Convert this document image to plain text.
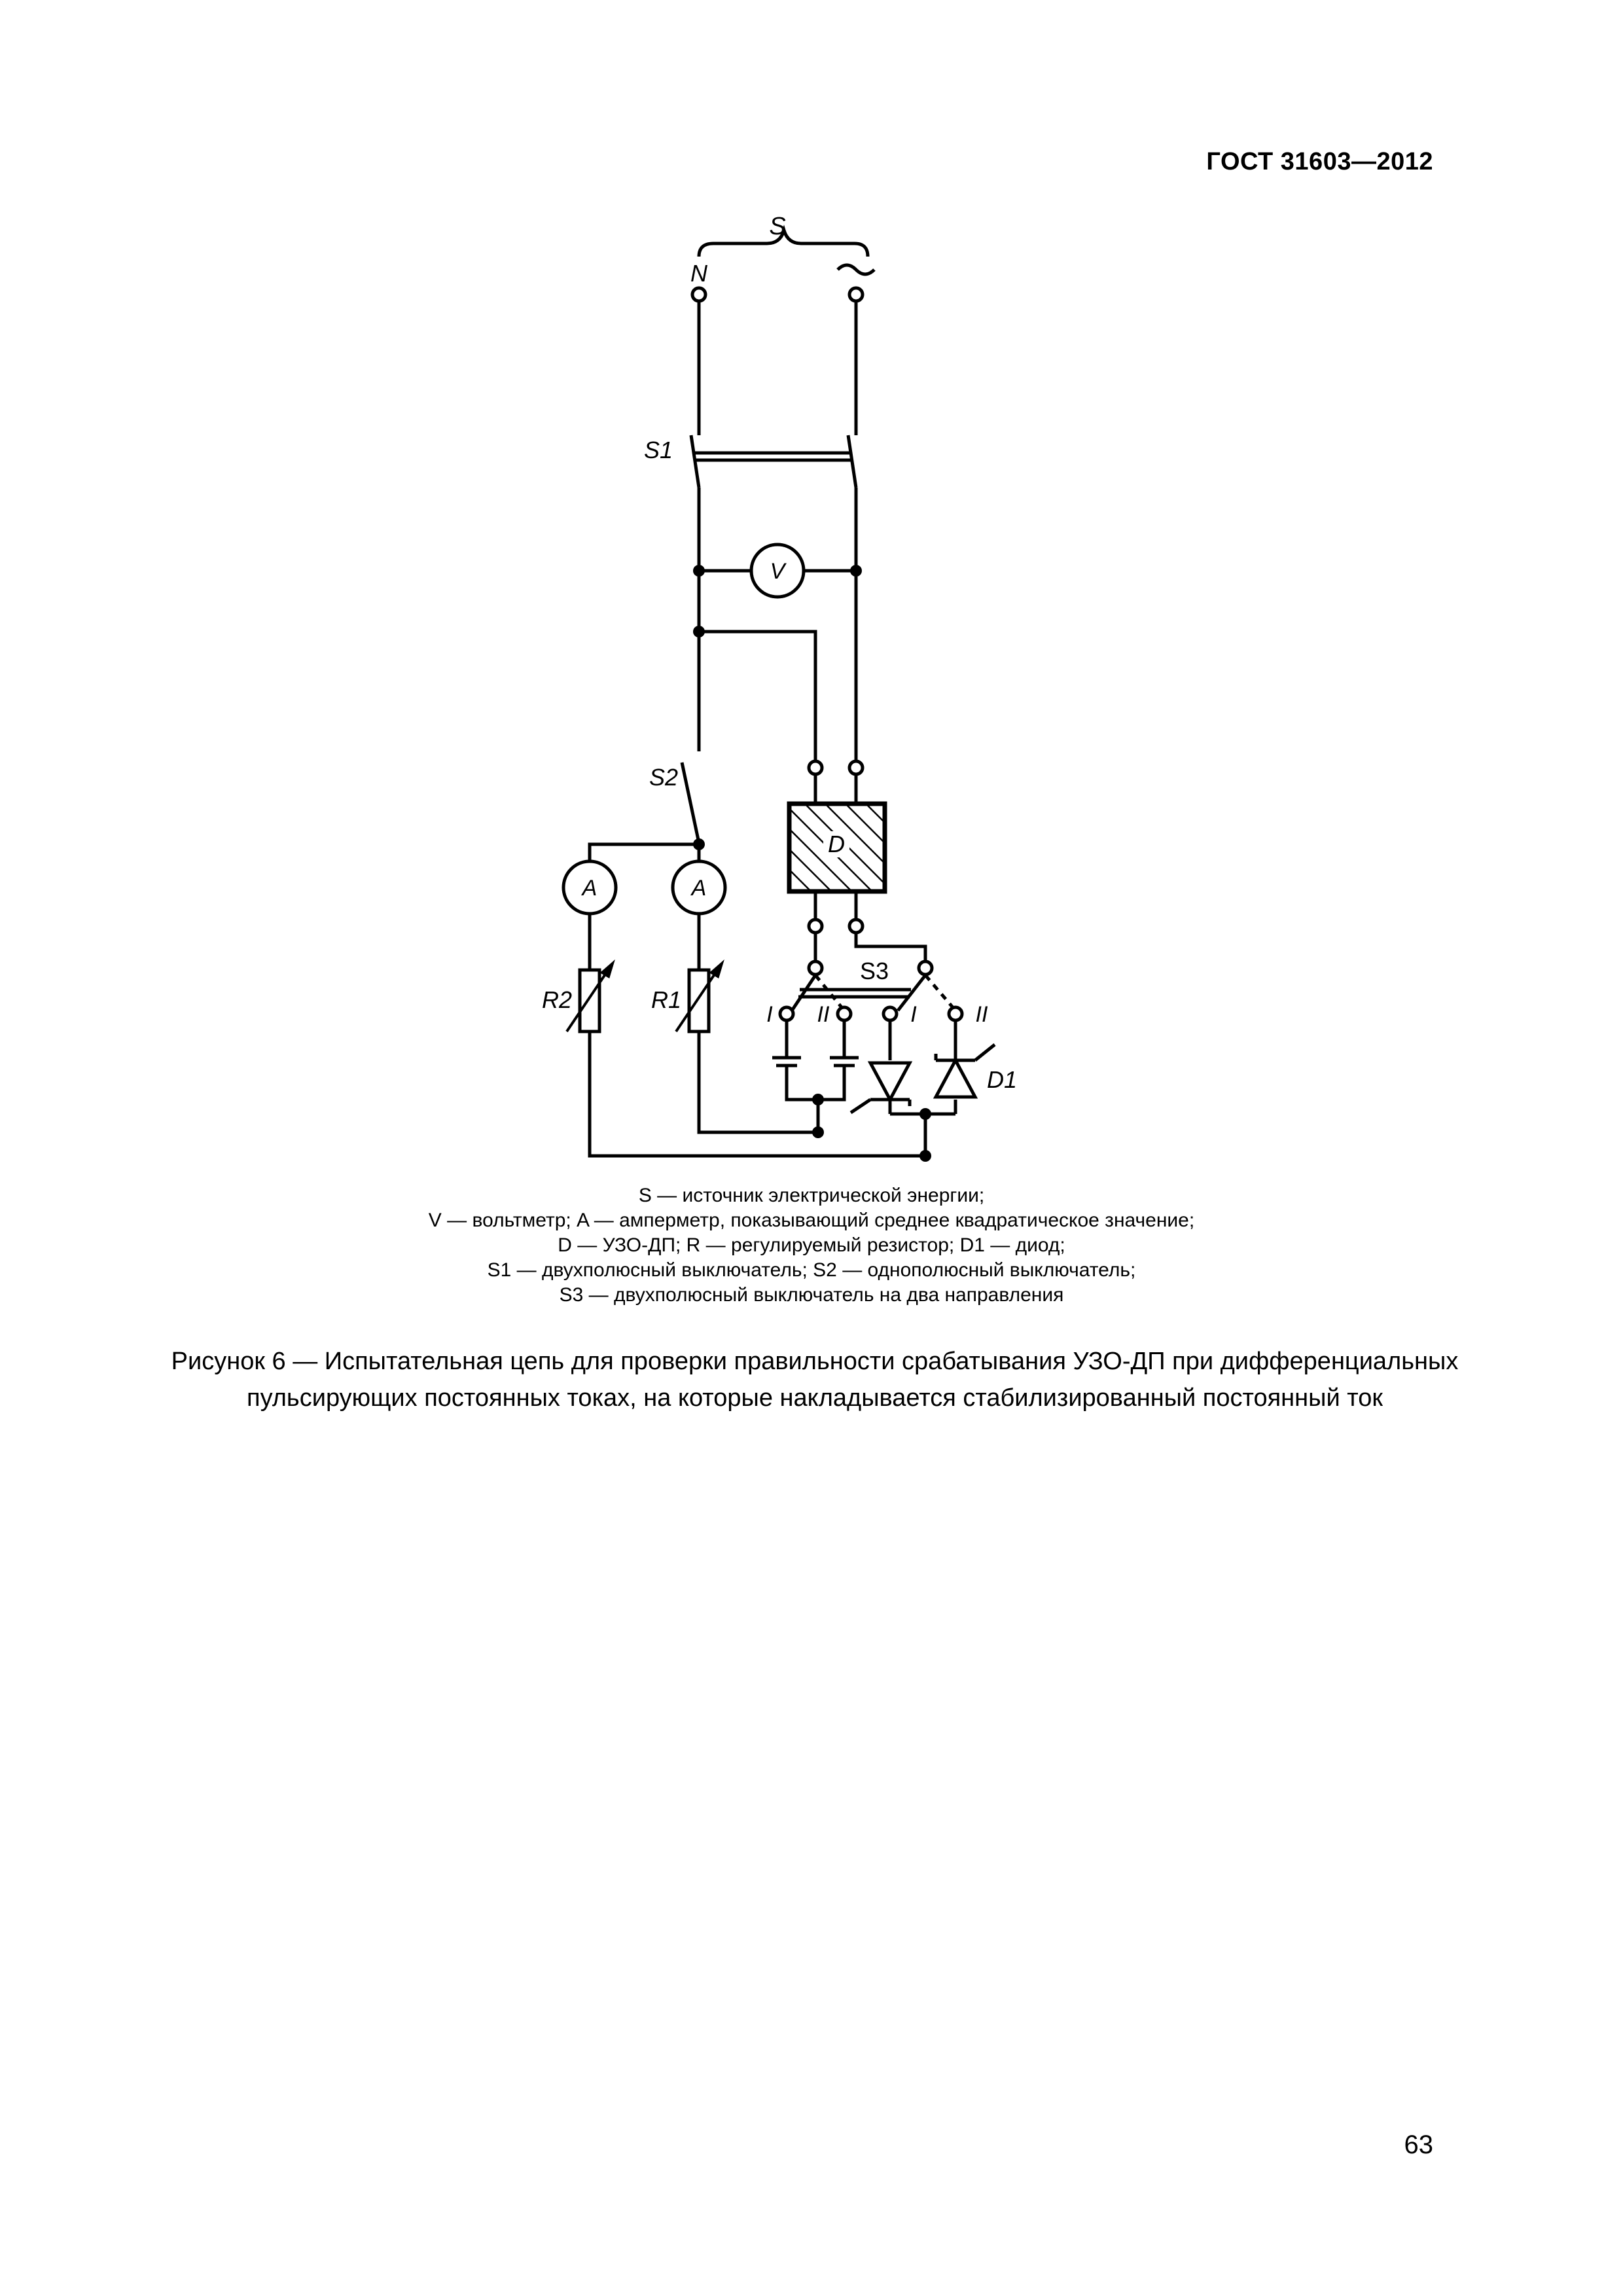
ГОСТ 31603—2012
S
N
S1
V
S2
A	A
D
R2	R1
S3
I II	I	II
D1
S — источник электрической энергии;
V — вольтметр; A — амперметр, показывающий среднее квадратическое значение;
D — УЗО-ДП; R — регулируемый резистор; D1 — диод;
S1 — двухполюсный выключатель; S2 — однополюсный выключатель;
S3 — двухполюсный выключатель на два направления
Рисунок 6 — Испытательная цепь для проверки правильности срабатывания УЗО-ДП при дифференциальных
пульсирующих постоянных токах, на которые накладывается стабилизированный постоянный ток
63
